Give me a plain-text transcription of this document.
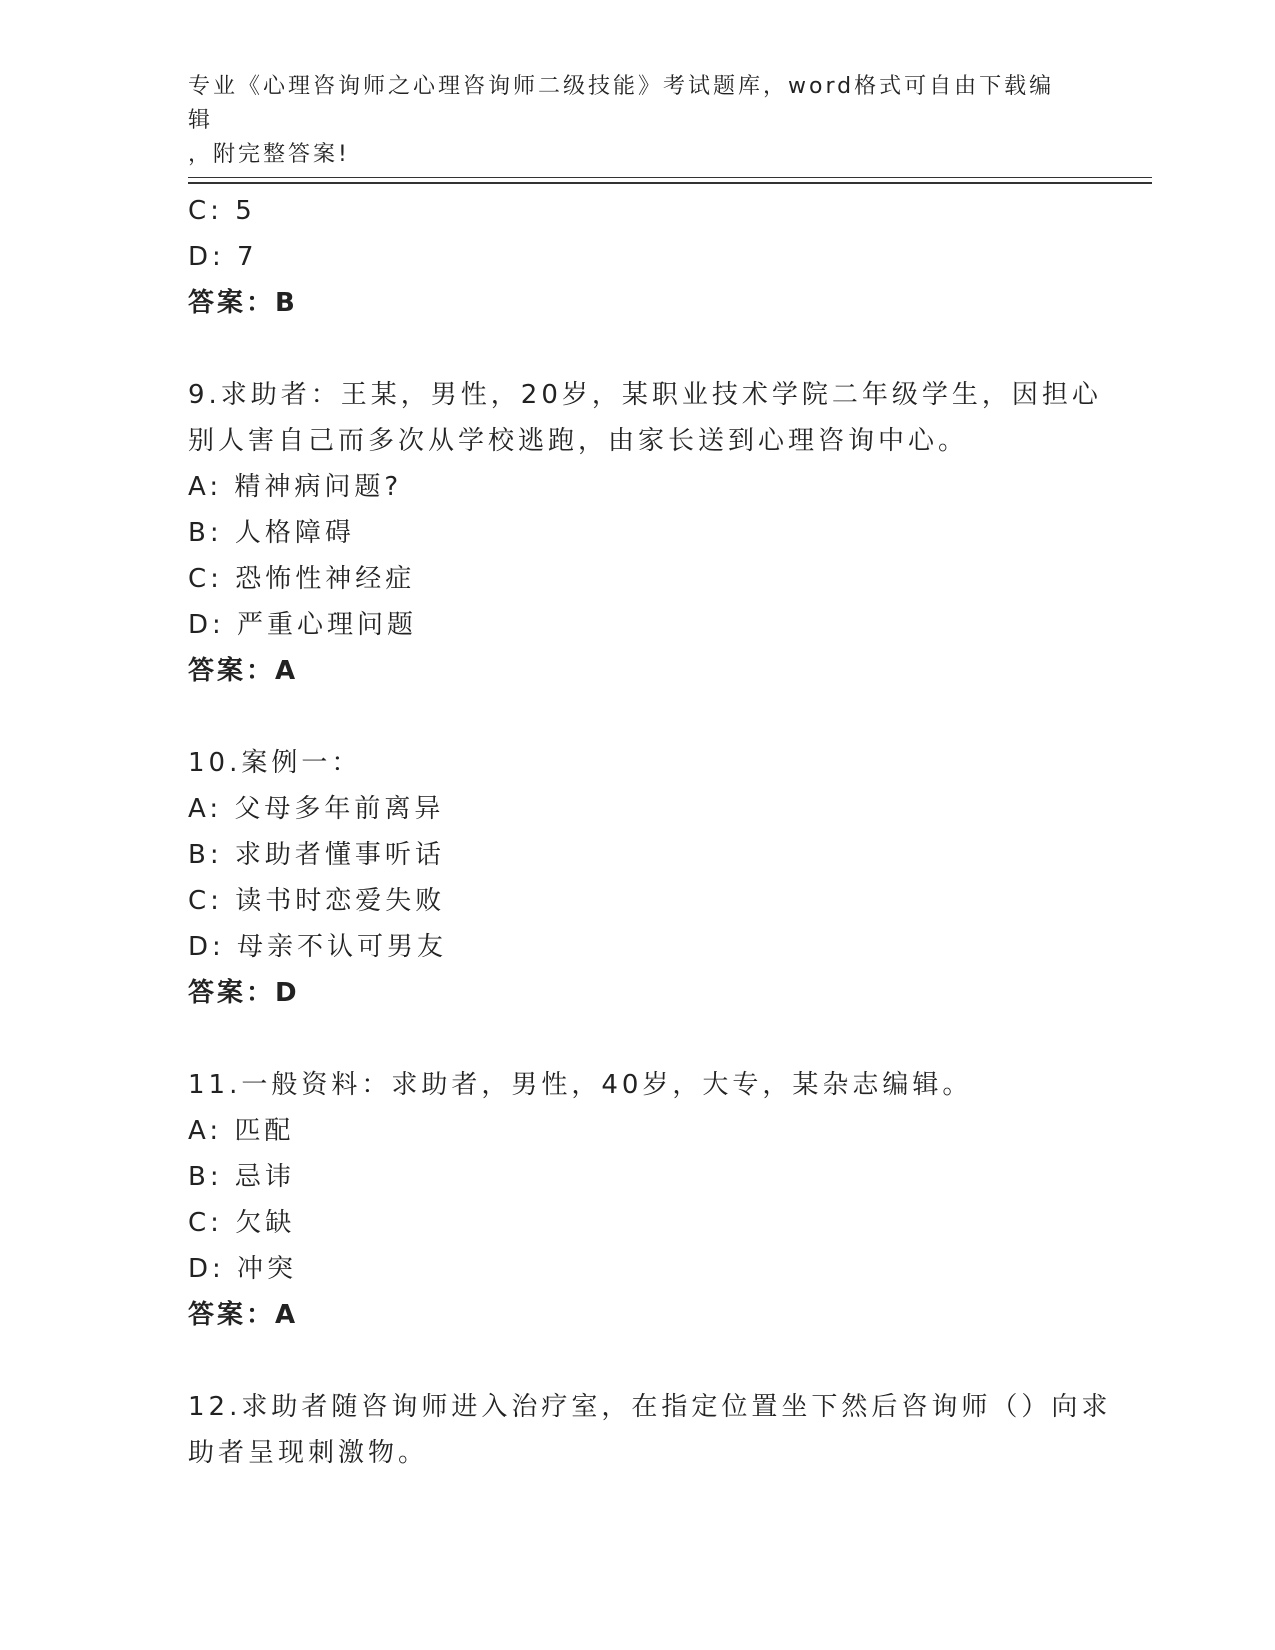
专业《心理咨询师之心理咨询师二级技能》考试题库，word格式可自由下载编辑
，附完整答案!
C: 5
D: 7
答案：B
9.求助者：王某，男性，20岁，某职业技术学院二年级学生，因担心
别人害自己而多次从学校逃跑，由家长送到心理咨询中心。
A: 精神病问题?
B: 人格障碍
C: 恐怖性神经症
D: 严重心理问题
答案：A
10.案例一：
A: 父母多年前离异
B: 求助者懂事听话
C: 读书时恋爱失败
D: 母亲不认可男友
答案：D
11.一般资料：求助者，男性，40岁，大专，某杂志编辑。
A: 匹配
B: 忌讳
C: 欠缺
D: 冲突
答案：A
12.求助者随咨询师进入治疗室，在指定位置坐下然后咨询师（）向求
助者呈现刺激物。
